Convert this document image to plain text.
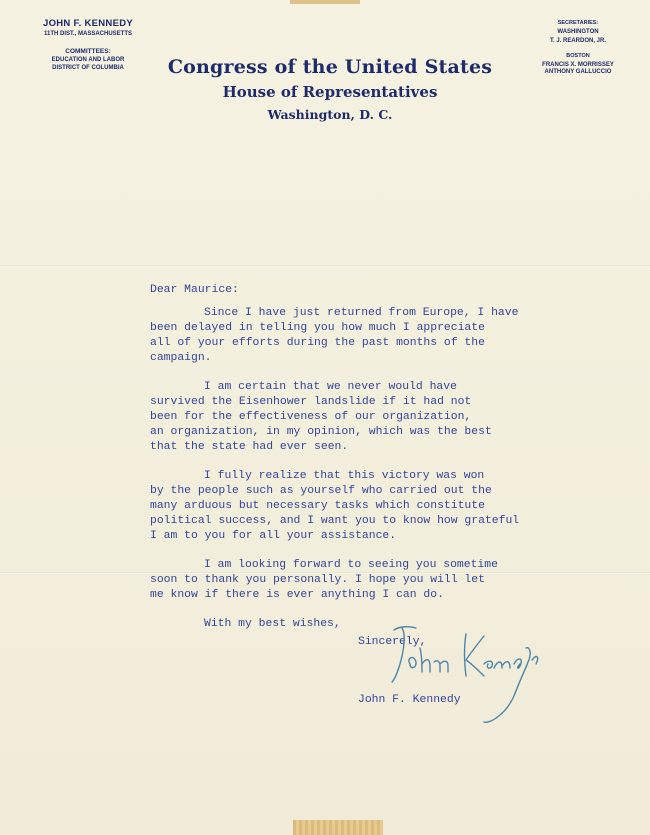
JOHN F. KENNEDY
11TH DIST., MASSACHUSETTS
COMMITTEES:
EDUCATION AND LABOR
DISTRICT OF COLUMBIA	Congress of the United States
House of Representatives
Washington, D. C.
SECRETARIES:
WASHINGTON
T. J. REARDON, JR.
BOSTON
FRANCIS X. MORRISSEY
ANTHONY GALLUCCIO

Dear Maurice:

Since I have just returned from Europe, I have

been delayed in telling you how much I appreciate

all of your efforts during the past months of the

campaign.

I am certain that we never would have

survived the Eisenhower landslide if it had not

been for the effectiveness of our organization,

an organization, in my opinion, which was the best

that the state had ever seen.

I fully realize that this victory was won

by the people such as yourself who carried out the

many arduous but necessary tasks which constitute

political success, and I want you to know how grateful

I am to you for all your assistance.

I am looking forward to seeing you sometime

soon to thank you personally. I hope you will let

me know if there is ever anything I can do.

With my best wishes,

Sincerely,
John F. Kennedy
